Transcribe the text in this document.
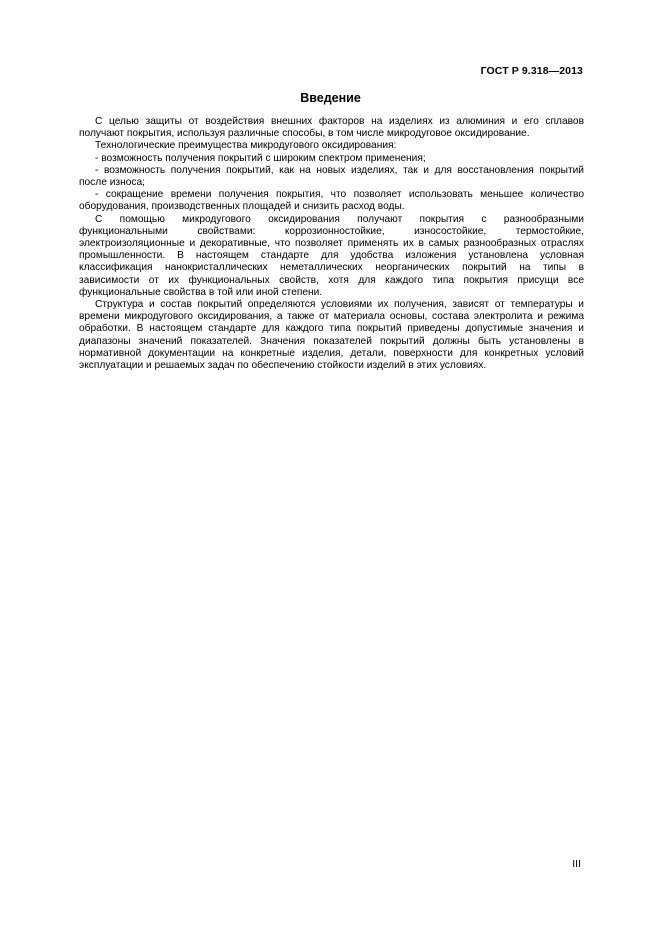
ГОСТ Р 9.318—2013
Введение
С целью защиты от воздействия внешних факторов на изделиях из алюминия и его сплавов
получают покрытия, используя различные способы, в том числе микродуговое оксидирование.
Технологические преимущества микродугового оксидирования:
- возможность получения покрытий с широким спектром применения;
- возможность получения покрытий, как на новых изделиях, так и для восстановления покрытий
после износа;
- сокращение времени получения покрытия, что позволяет использовать меньшее количество
оборудования, производственных площадей и снизить расход воды.
С помощью микродугового оксидирования получают покрытия с разнообразными
функциональными свойствами: коррозионностойкие, износостойкие, термостойкие,
электроизоляционные и декоративные, что позволяет применять их в самых разнообразных отраслях
промышленности. В настоящем стандарте для удобства изложения установлена условная
классификация нанокристаллических неметаллических неорганических покрытий на типы в
зависимости от их функциональных свойств, хотя для каждого типа покрытия присущи все
функциональные свойства в той или иной степени.
Структура и состав покрытий определяются условиями их получения, зависят от температуры и
времени микродугового оксидирования, а также от материала основы, состава электролита и режима
обработки. В настоящем стандарте для каждого типа покрытий приведены допустимые значения и
диапазоны значений показателей. Значения показателей покрытий должны быть установлены в
нормативной документации на конкретные изделия, детали, поверхности для конкретных условий
эксплуатации и решаемых задач по обеспечению стойкости изделий в этих условиях.
III
